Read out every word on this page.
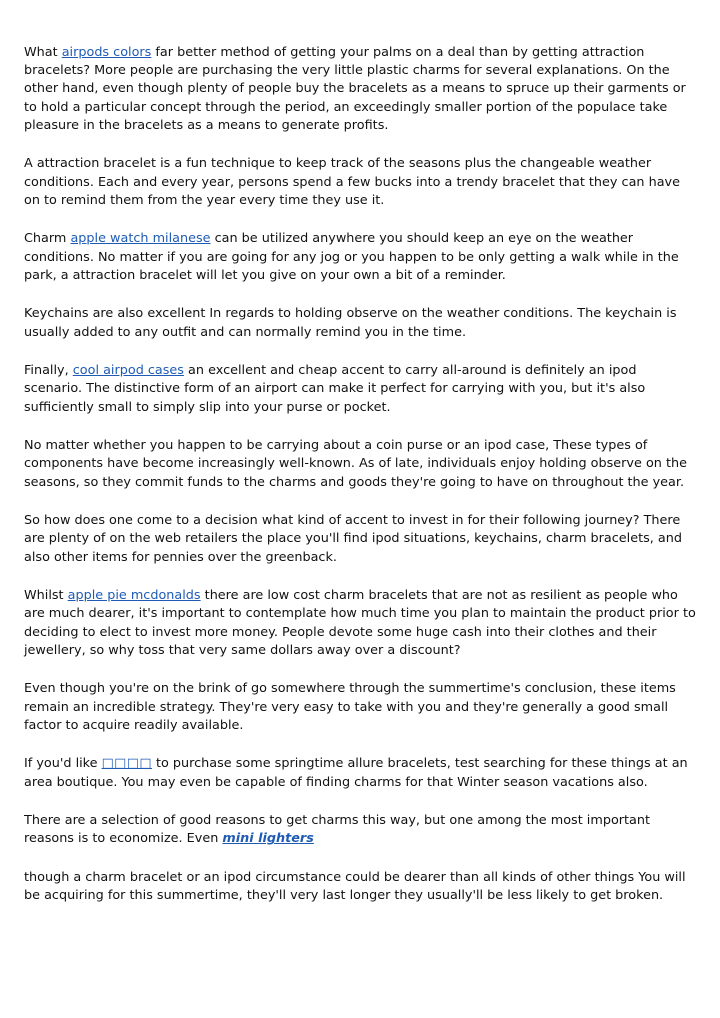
What airpods colors far better method of getting your palms on a deal than by getting attraction bracelets? More people are purchasing the very little plastic charms for several explanations. On the other hand, even though plenty of people buy the bracelets as a means to spruce up their garments or to hold a particular concept through the period, an exceedingly smaller portion of the populace take pleasure in the bracelets as a means to generate profits.

A attraction bracelet is a fun technique to keep track of the seasons plus the changeable weather conditions. Each and every year, persons spend a few bucks into a trendy bracelet that they can have on to remind them from the year every time they use it.

Charm apple watch milanese can be utilized anywhere you should keep an eye on the weather conditions. No matter if you are going for any jog or you happen to be only getting a walk while in the park, a attraction bracelet will let you give on your own a bit of a reminder.

Keychains are also excellent In regards to holding observe on the weather conditions. The keychain is usually added to any outfit and can normally remind you in the time.

Finally, cool airpod cases an excellent and cheap accent to carry all-around is definitely an ipod scenario. The distinctive form of an airport can make it perfect for carrying with you, but it's also sufficiently small to simply slip into your purse or pocket.

No matter whether you happen to be carrying about a coin purse or an ipod case, These types of components have become increasingly well-known. As of late, individuals enjoy holding observe on the seasons, so they commit funds to the charms and goods they're going to have on throughout the year.

So how does one come to a decision what kind of accent to invest in for their following journey? There are plenty of on the web retailers the place you'll find ipod situations, keychains, charm bracelets, and also other items for pennies over the greenback.

Whilst apple pie mcdonalds there are low cost charm bracelets that are not as resilient as people who are much dearer, it's important to contemplate how much time you plan to maintain the product prior to deciding to elect to invest more money. People devote some huge cash into their clothes and their jewellery, so why toss that very same dollars away over a discount?

Even though you're on the brink of go somewhere through the summertime's conclusion, these items remain an incredible strategy. They're very easy to take with you and they're generally a good small factor to acquire readily available.

If you'd like □□□□ to purchase some springtime allure bracelets, test searching for these things at an area boutique. You may even be capable of finding charms for that Winter season vacations also.

There are a selection of good reasons to get charms this way, but one among the most important reasons is to economize. Even mini lighters

though a charm bracelet or an ipod circumstance could be dearer than all kinds of other things You will be acquiring for this summertime, they'll very last longer they usually'll be less likely to get broken.
